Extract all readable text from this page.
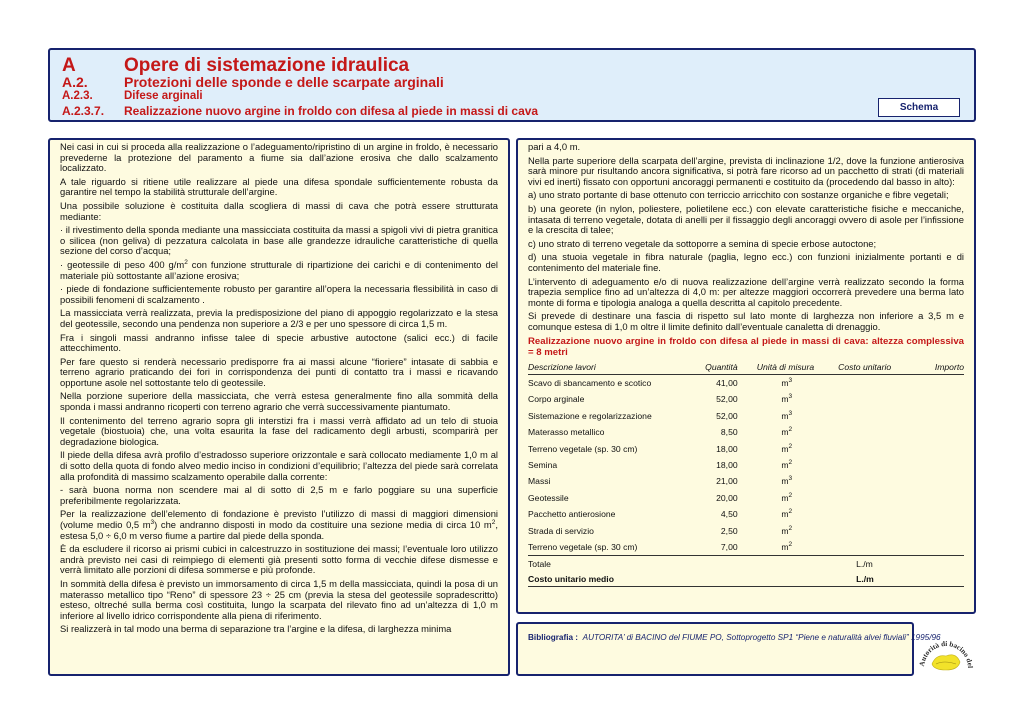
A	Opere di sistemazione idraulica
A.2.	Protezioni delle sponde e delle scarpate arginali
A.2.3.	Difese arginali
A.2.3.7. Realizzazione nuovo argine in froldo con difesa al piede in massi di cava	Schema

Nei casi in cui si proceda alla realizzazione o l’adeguamento/ripristino di un argine in froldo, è necessario prevederne la protezione del paramento a fiume sia dall’azione erosiva che dallo scalzamento localizzato.

A tale riguardo si ritiene utile realizzare al piede una difesa spondale sufficientemente robusta da garantire nel tempo la stabilità strutturale dell’argine.

Una possibile soluzione è costituita dalla scogliera di massi di cava che potrà essere strutturata mediante:

· il rivestimento della sponda mediante una massicciata costituita da massi a spigoli vivi di pietra granitica o silicea (non geliva) di pezzatura calcolata in base alle grandezze idrauliche caratteristiche di quella sezione del corso d’acqua;

· geotessile di peso 400 $g/m^2$ con funzione strutturale di ripartizione dei carichi e di contenimento del materiale più sottostante all’azione erosiva;

· piede di fondazione sufficientemente robusto per garantire all’opera la necessaria flessibilità in caso di possibili fenomeni di scalzamento .

La massicciata verrà realizzata, previa la predisposizione del piano di appoggio regolarizzato e la stesa del geotessile, secondo una pendenza non superiore a 2/3 e per uno spessore di circa 1,5 m.

Fra i singoli massi andranno infisse talee di specie arbustive autoctone (salici ecc.) di facile attecchimento.

Per fare questo si renderà necessario predisporre fra ai massi alcune “fioriere” intasate di sabbia e terreno agrario praticando dei fori in corrispondenza dei punti di contatto tra i massi e ricavando opportune asole nel sottostante telo di geotessile.

Nella porzione superiore della massicciata, che verrà estesa generalmente fino alla sommità della sponda i massi andranno ricoperti con terreno agrario che verrà successivamente piantumato.

Il contenimento del terreno agrario sopra gli interstizi fra i massi verrà affidato ad un telo di stuoia vegetale (biostuoia) che, una volta esaurita la fase del radicamento degli arbusti, scomparirà per degradazione biologica.

Il piede della difesa avrà profilo d’estradosso superiore orizzontale e sarà collocato mediamente 1,0 m al di sotto della quota di fondo alveo medio inciso in condizioni d’equilibrio; l’altezza del piede sarà correlata alla profondità di massimo scalzamento operabile dalla corrente:

- sarà buona norma non scendere mai al di sotto di 2,5 m e farlo poggiare su una superficie preferibilmente regolarizzata.

Per la realizzazione dell’elemento di fondazione è previsto l’utilizzo di massi di maggiori dimensioni (volume medio 0,5 $m^3$) che andranno disposti in modo da costituire una sezione media di circa 10 $m^2$, estesa 5,0 ÷ 6,0 m verso fiume a partire dal piede della sponda.

È da escludere il ricorso ai prismi cubici in calcestruzzo in sostituzione dei massi; l’eventuale loro utilizzo andrà previsto nei casi di reimpiego di elementi già presenti sotto forma di vecchie difese dismesse e verrà limitato alle porzioni di difesa sommerse e più profonde.

In sommità della difesa è previsto un immorsamento di circa 1,5 m della massicciata, quindi la posa di un materasso metallico tipo “Reno” di spessore 23 ÷ 25 cm (previa la stesa del geotessile sopradescritto) esteso, oltreché sulla berma così costituita, lungo la scarpata del rilevato fino ad un’altezza di 1,0 m inferiore al livello idrico corrispondente alla piena di riferimento.

Si realizzerà in tal modo una berma di separazione tra l’argine e la difesa, di larghezza minima

pari a 4,0 m.

Nella parte superiore della scarpata dell’argine, prevista di inclinazione 1/2, dove la funzione antierosiva sarà minore pur risultando ancora significativa, si potrà fare ricorso ad un pacchetto di strati (di materiali vivi ed inerti) fissato con opportuni ancoraggi permanenti e costituito da (procedendo dal basso in alto):

a) uno strato portante di base ottenuto con terriccio arricchito con sostanze organiche e fibre vegetali;

b) una georete (in nylon, poliestere, polietilene ecc.) con elevate caratteristiche fisiche e meccaniche, intasata di terreno vegetale, dotata di anelli per il fissaggio degli ancoraggi ovvero di asole per l’infissione e la crescita di talee;

c) uno strato di terreno vegetale da sottoporre a semina di specie erbose autoctone;

d) una stuoia vegetale in fibra naturale (paglia, legno ecc.) con funzioni inizialmente portanti e di contenimento del materiale fine.

L’intervento di adeguamento e/o di nuova realizzazione dell’argine verrà realizzato secondo la forma trapezia semplice fino ad un’altezza di 4,0 m: per altezze maggiori occorrerà prevedere una berma lato monte di forma e tipologia analoga a quella descritta al capitolo precedente.

Si prevede di destinare una fascia di rispetto sul lato monte di larghezza non inferiore a 3,5 m e comunque estesa di 1,0 m oltre il limite definito dall’eventuale canaletta di drenaggio.

Realizzazione nuovo argine in froldo con difesa al piede in massi di cava: altezza complessiva = 8 metri
Descrizione lavori	Quantità	Unità di misura	Costo unitario	Importo
Scavo di sbancamento e scotico	41,00	$m^3$		
Corpo arginale	52,00	$m^3$		
Sistemazione e regolarizzazione	52,00	$m^3$		
Materasso metallico	8,50	$m^2$		
Terreno vegetale (sp. 30 cm)	18,00	$m^2$		
Semina	18,00	$m^2$		
Massi	21,00	$m^3$		
Geotessile	20,00	$m^2$		
Pacchetto antierosione	4,50	$m^2$		
Strada di servizio	2,50	$m^2$		
Terreno vegetale (sp. 30 cm)	7,00	$m^2$		
Totale			L./m	
Costo unitario medio			L./m	
Bibliografia : AUTORITA’ di BACINO del FIUME PO, Sottoprogetto SP1 “Piene e naturalità alvei fluviali” 1995/96
Autorità di bacino del
